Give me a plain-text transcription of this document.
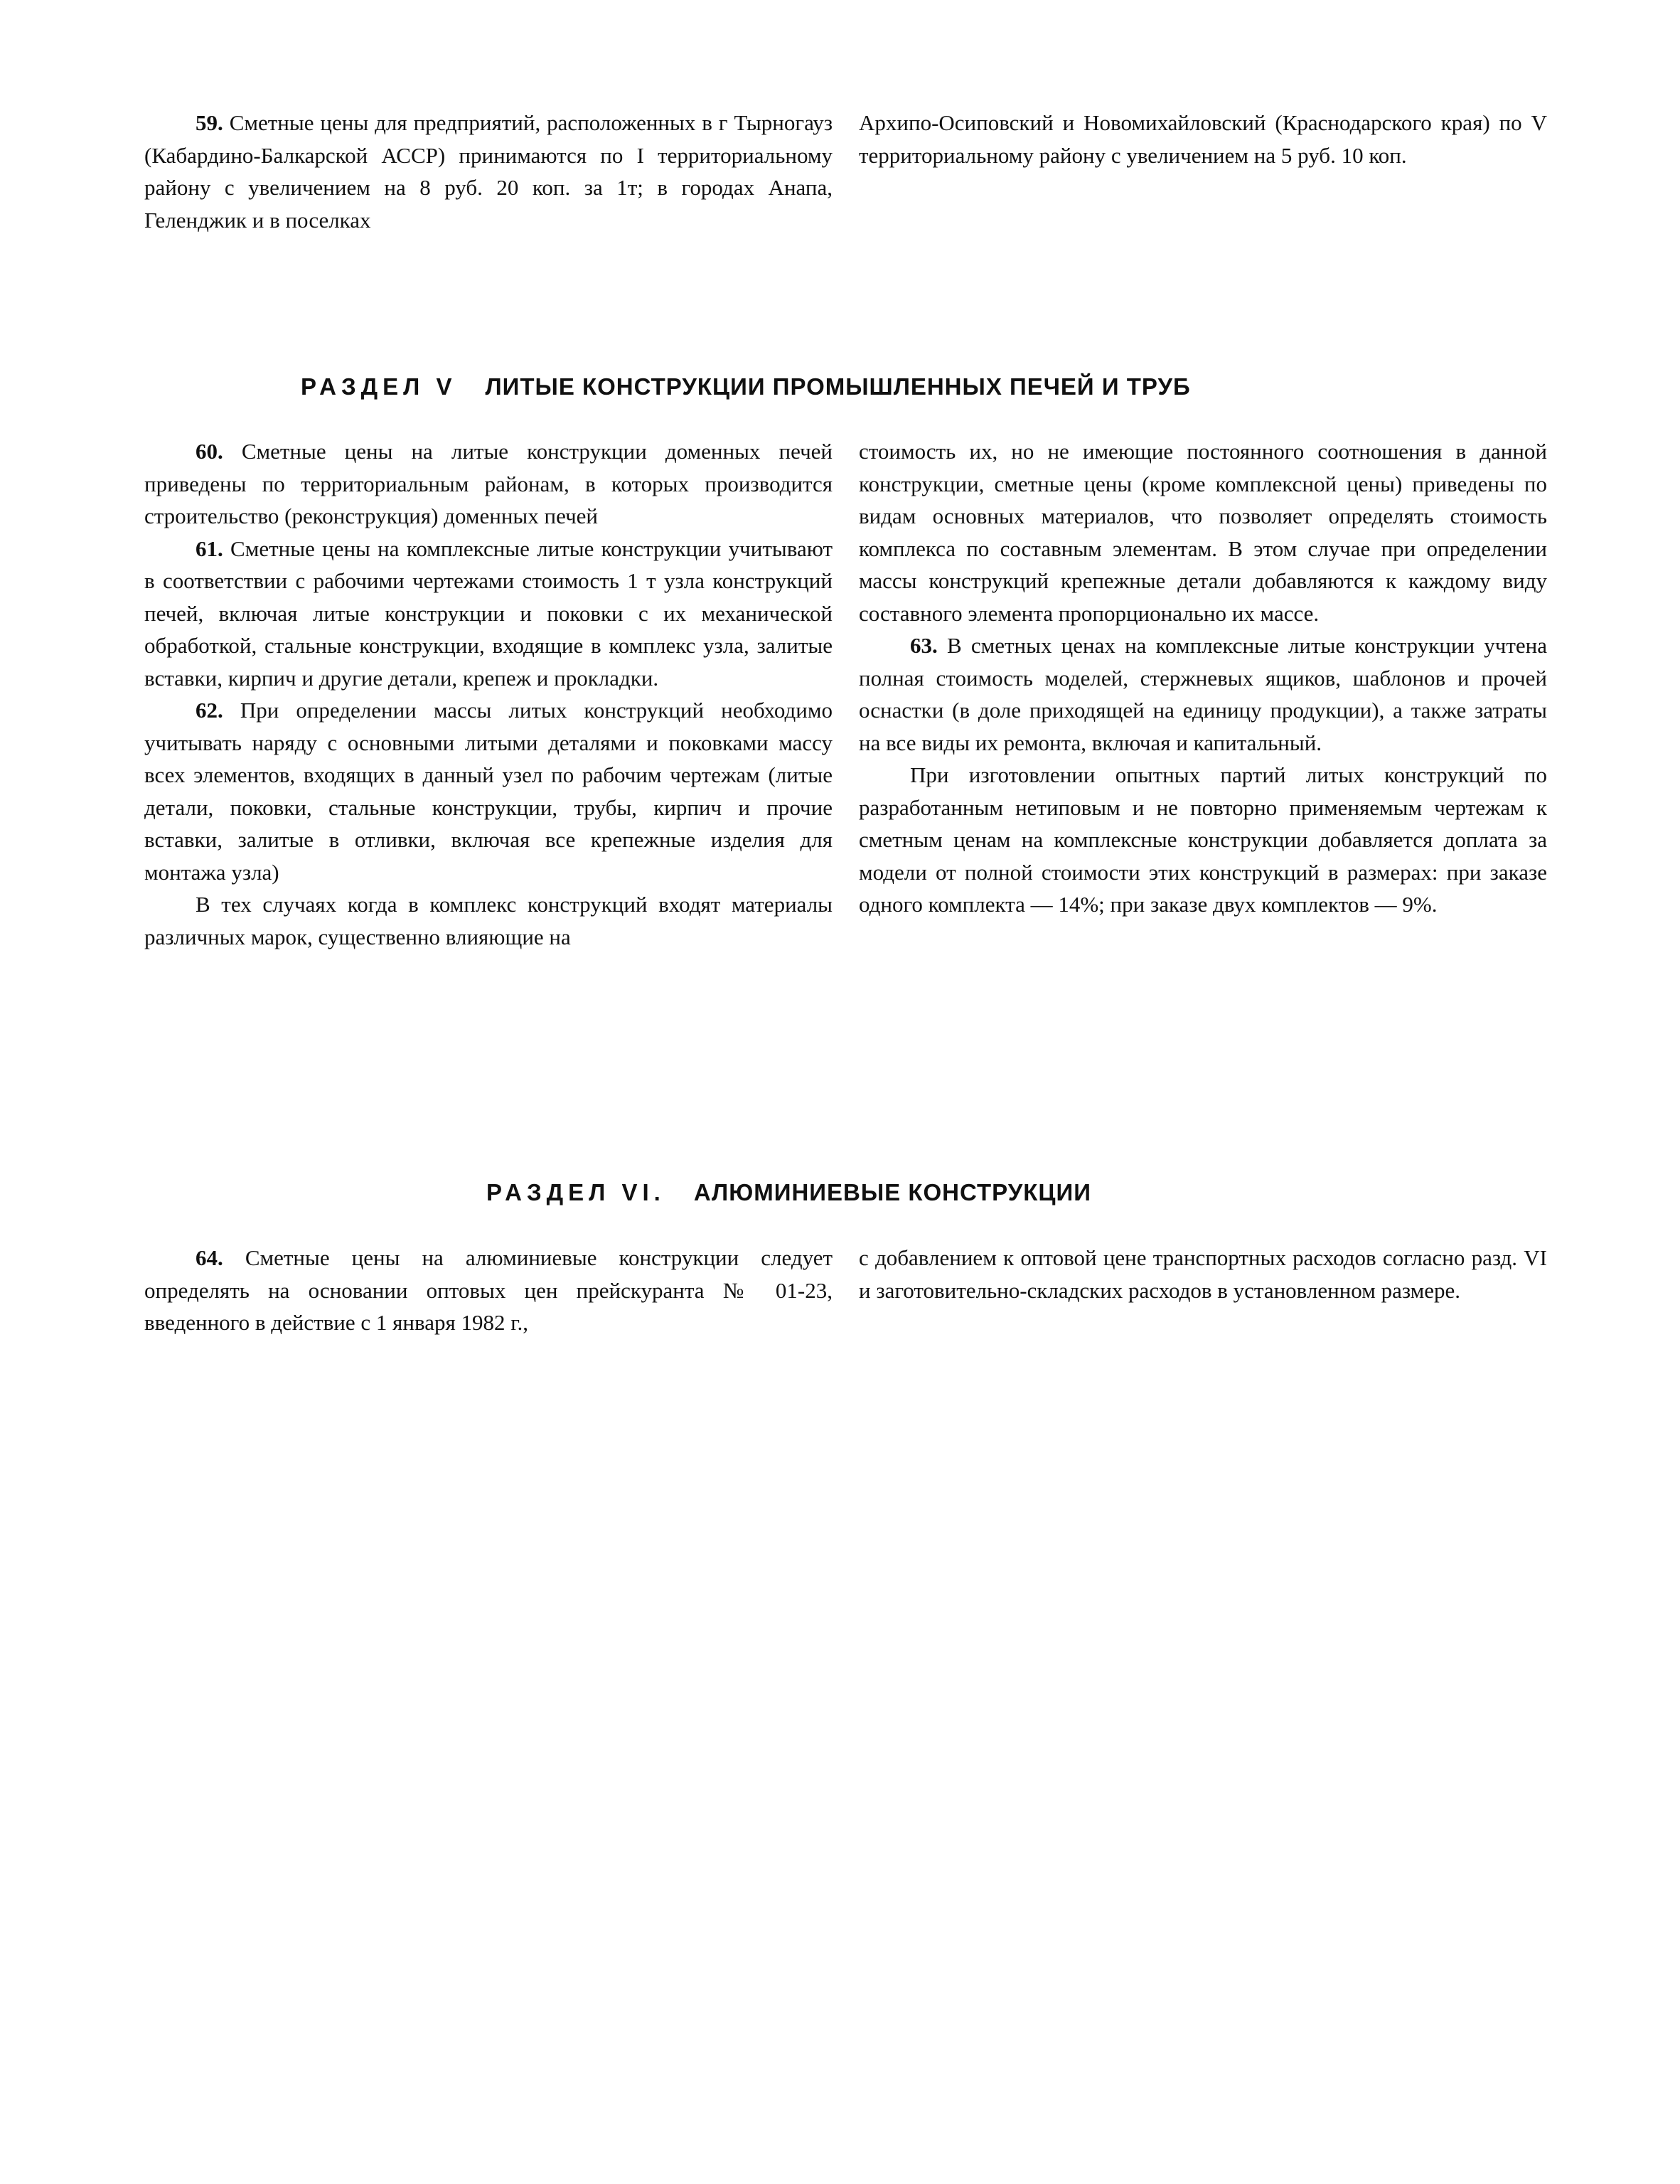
59. Сметные цены для предприятий, расположенных в г Тырногауз (Кабардино-Балкарской АССР) принимаются по I территориальному району с увеличением на 8 руб. 20 коп. за 1т; в городах Анапа, Геленджик и в поселках

Архипо-Осиповский и Новомихайловский (Краснодарского края) по V территориальному району с увеличением на 5 руб. 10 коп.

РАЗДЕЛ V ЛИТЫЕ КОНСТРУКЦИИ ПРОМЫШЛЕННЫХ ПЕЧЕЙ И ТРУБ

60. Сметные цены на литые конструкции доменных печей приведены по территориальным районам, в которых производится строительство (реконструкция) доменных печей

61. Сметные цены на комплексные литые конструкции учитывают в соответствии с рабочими чертежами стоимость 1 т узла конструкций печей, включая литые конструкции и поковки с их механической обработкой, стальные конструкции, входящие в комплекс узла, залитые вставки, кирпич и другие детали, крепеж и прокладки.

62. При определении массы литых конструкций необходимо учитывать наряду с основными литыми деталями и поковками массу всех элементов, входящих в данный узел по рабочим чертежам (литые детали, поковки, стальные конструкции, трубы, кирпич и прочие вставки, залитые в отливки, включая все крепежные изделия для монтажа узла)

В тех случаях когда в комплекс конструкций входят материалы различных марок, существенно влияющие на

стоимость их, но не имеющие постоянного соотношения в данной конструкции, сметные цены (кроме комплексной цены) приведены по видам основных материалов, что позволяет определять стоимость комплекса по составным элементам. В этом случае при определении массы конструкций крепежные детали добавляются к каждому виду составного элемента пропорционально их массе.

63. В сметных ценах на комплексные литые конструкции учтена полная стоимость моделей, стержневых ящиков, шаблонов и прочей оснастки (в доле приходящей на единицу продукции), а также затраты на все виды их ремонта, включая и капитальный.

При изготовлении опытных партий литых конструкций по разработанным нетиповым и не повторно применяемым чертежам к сметным ценам на комплексные конструкции добавляется доплата за модели от полной стоимости этих конструкций в размерах: при заказе одного комплекта — 14%; при заказе двух комплектов — 9%.

РАЗДЕЛ VI. АЛЮМИНИЕВЫЕ КОНСТРУКЦИИ

64. Сметные цены на алюминиевые конструкции следует определять на основании оптовых цен прейскуранта № 01-23, введенного в действие с 1 января 1982 г.,

с добавлением к оптовой цене транспортных расходов согласно разд. VI и заготовительно-складских расходов в установленном размере.
